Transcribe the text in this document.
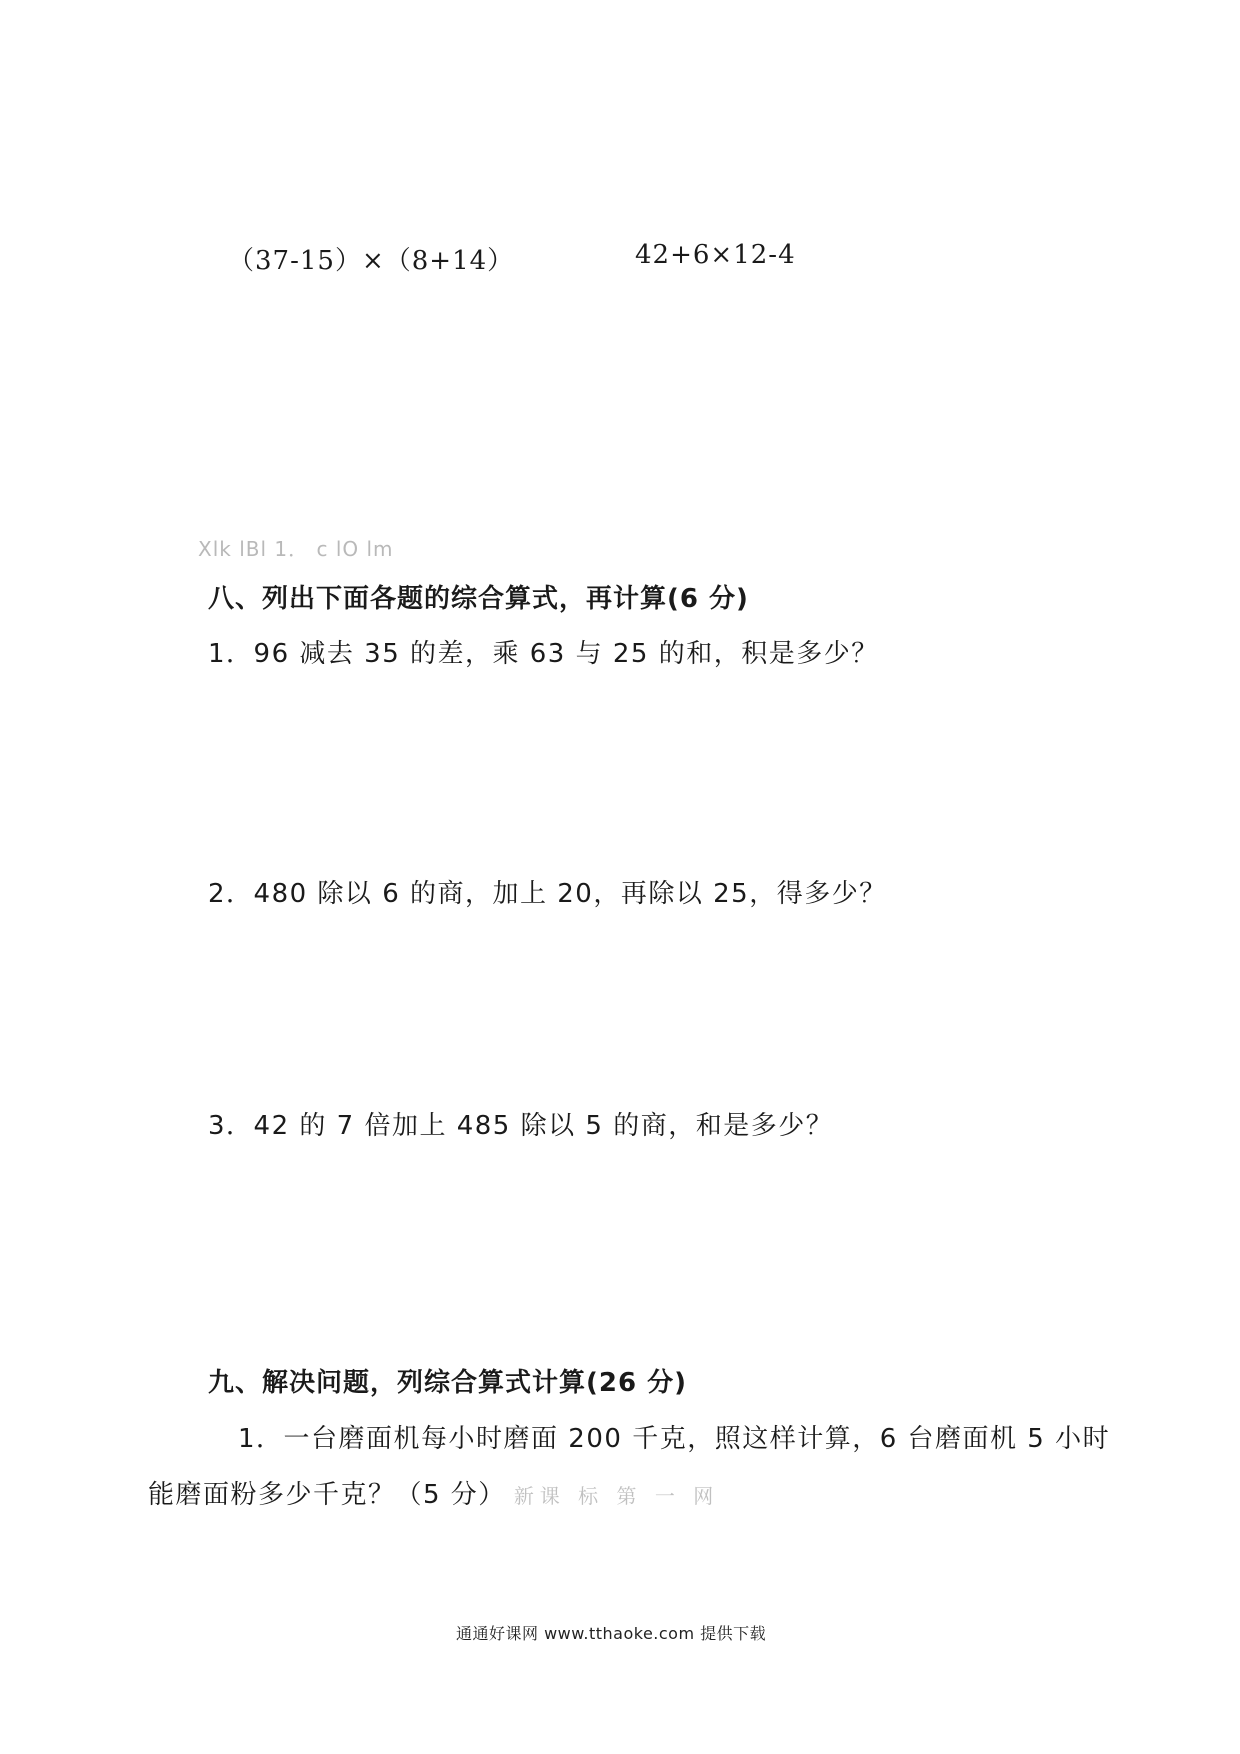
（37-15）×（8+14）	42+6×12-4
Xlk lBl 1． c lO lm
八、列出下面各题的综合算式，再计算(6 分)
1．96 减去 35 的差，乘 63 与 25 的和，积是多少？
2．480 除以 6 的商，加上 20，再除以 25，得多少？
3．42 的 7 倍加上 485 除以 5 的商，和是多少？
九、解决问题，列综合算式计算(26 分)
1．一台磨面机每小时磨面 200 千克，照这样计算，6 台磨面机 5 小时
能磨面粉多少千克？（5 分） 新课 标 第 一 网
通通好课网 www.tthaoke.com 提供下载
